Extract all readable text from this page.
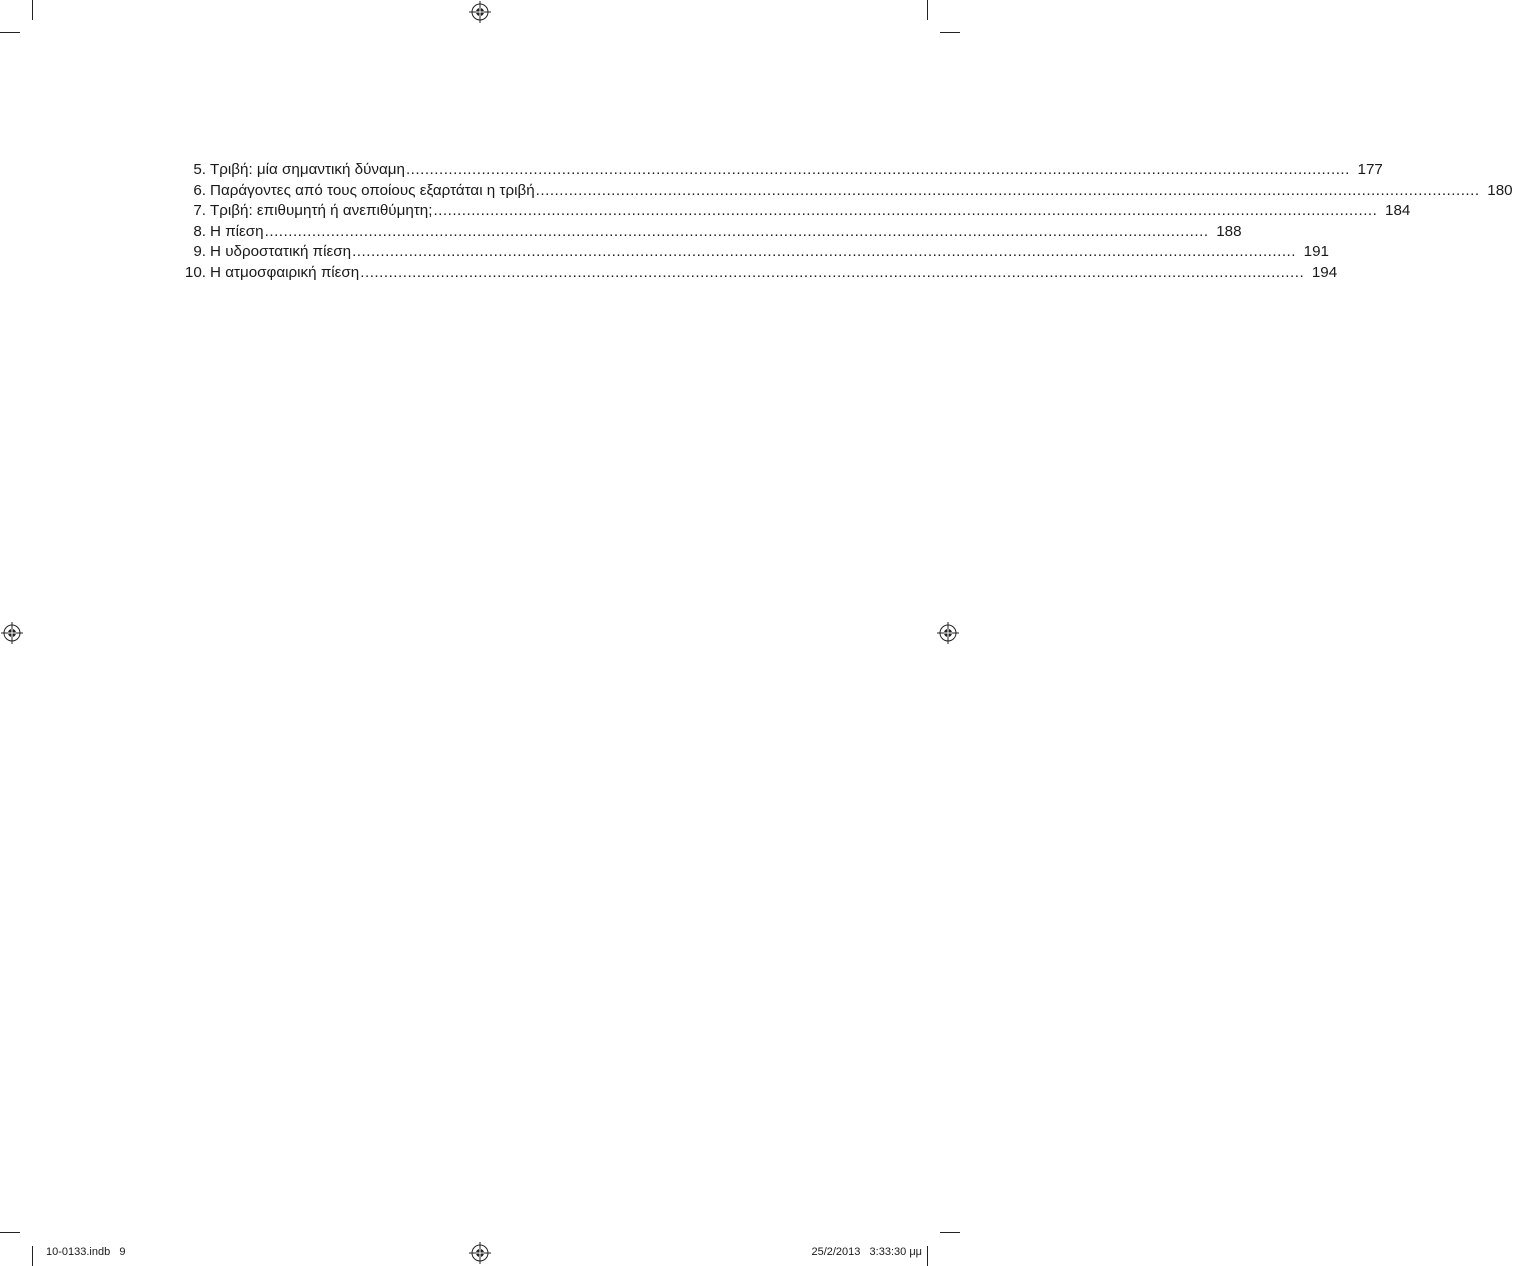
5. Τριβή: μία σημαντική δύναμη ........................................................................................................................................................................................................ 177
6. Παράγοντες από τους οποίους εξαρτάται η τριβή ........................................................................................................................................................................................................ 180
7. Τριβή: επιθυμητή ή ανεπιθύμητη; ........................................................................................................................................................................................................ 184
8. Η πίεση ........................................................................................................................................................................................................ 188
9. Η υδροστατική πίεση ........................................................................................................................................................................................................ 191
10. Η ατμοσφαιρική πίεση ........................................................................................................................................................................................................ 194
10-0133.indb   9	25/2/2013   3:33:30 μμ
